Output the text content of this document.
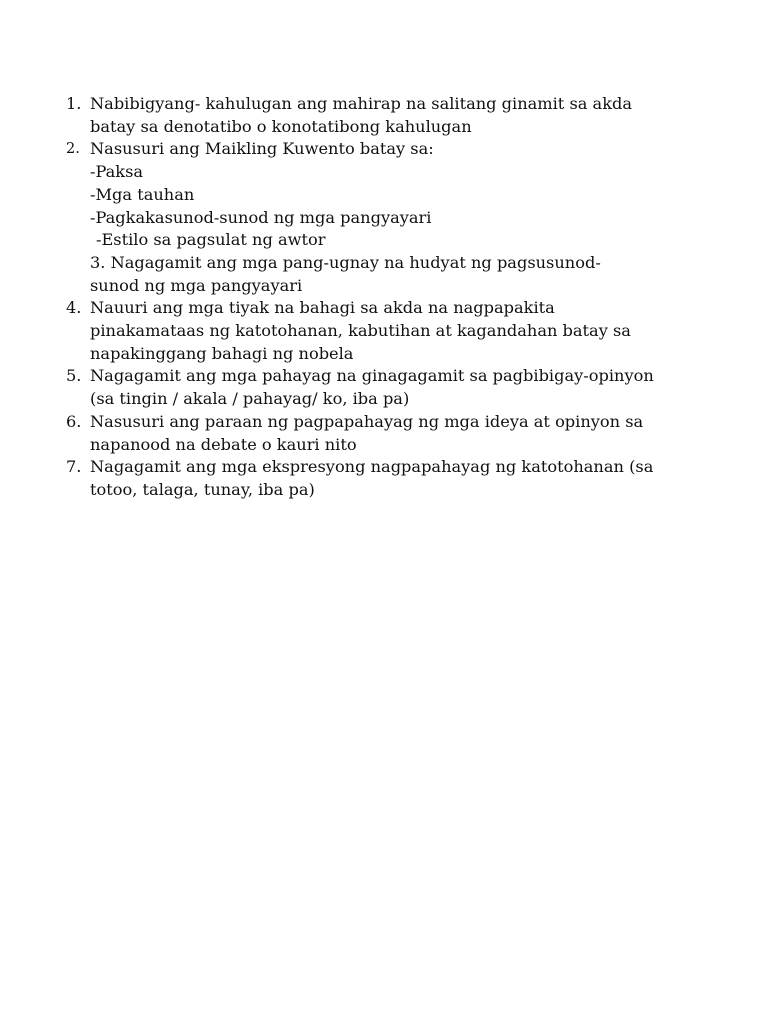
1. Nabibigyang- kahulugan ang mahirap na salitang ginamit sa akda
batay sa denotatibo o konotatibong kahulugan
2. Nasusuri ang Maikling Kuwento batay sa:
-Paksa
-Mga tauhan
-Pagkakasunod-sunod ng mga pangyayari
-Estilo sa pagsulat ng awtor
3. Nagagamit ang mga pang-ugnay na hudyat ng pagsusunod-
sunod ng mga pangyayari
4. Nauuri ang mga tiyak na bahagi sa akda na nagpapakita
pinakamataas ng katotohanan, kabutihan at kagandahan batay sa
napakinggang bahagi ng nobela
5. Nagagamit ang mga pahayag na ginagagamit sa pagbibigay-opinyon
(sa tingin / akala / pahayag/ ko, iba pa)
6. Nasusuri ang paraan ng pagpapahayag ng mga ideya at opinyon sa
napanood na debate o kauri nito
7. Nagagamit ang mga ekspresyong nagpapahayag ng katotohanan (sa
totoo, talaga, tunay, iba pa)
